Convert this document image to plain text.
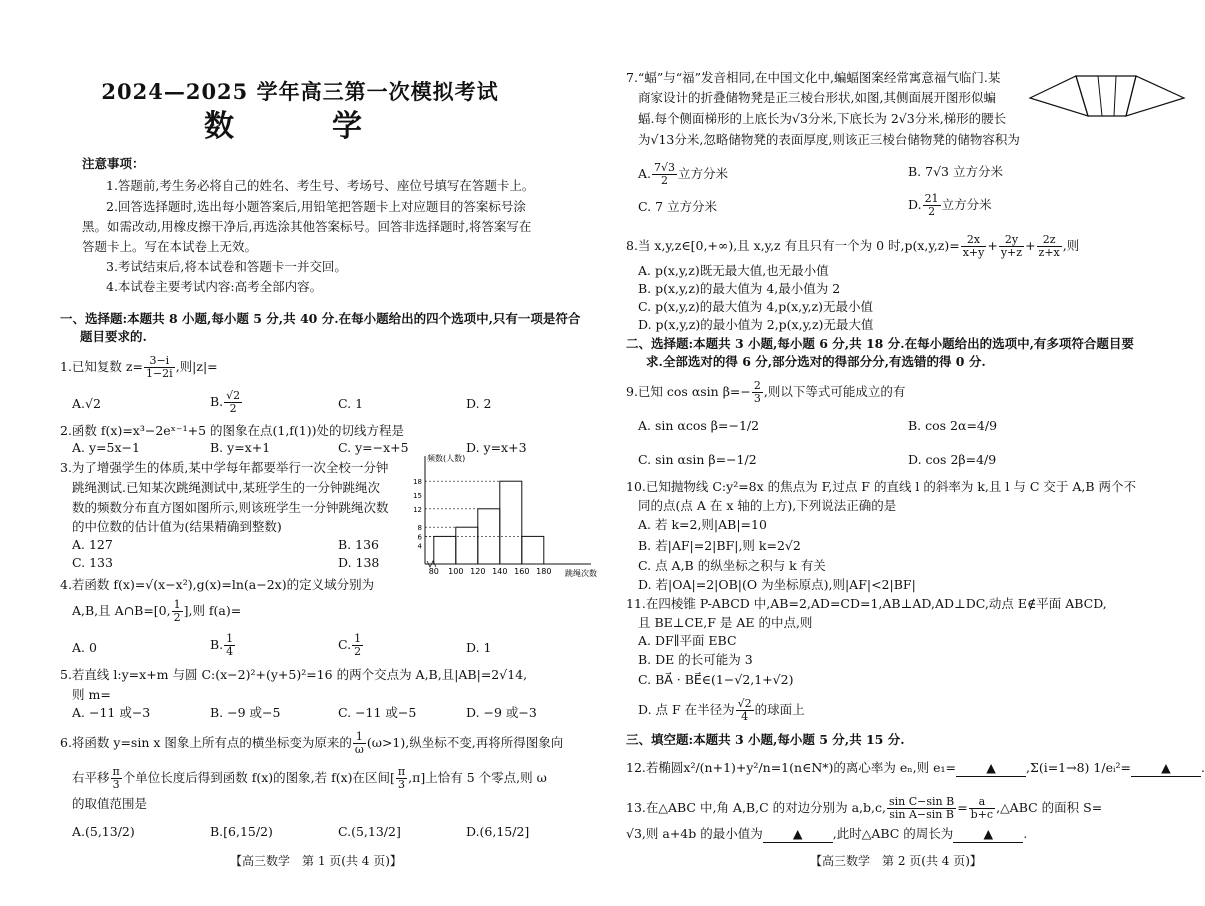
2024—2025 学年高三第一次模拟考试
数　学
注意事项：
1.答题前,考生务必将自己的姓名、考生号、考场号、座位号填写在答题卡上。
2.回答选择题时,选出每小题答案后,用铅笔把答题卡上对应题目的答案标号涂
黑。如需改动,用橡皮擦干净后,再选涂其他答案标号。回答非选择题时,将答案写在
答题卡上。写在本试卷上无效。
3.考试结束后,将本试卷和答题卡一并交回。
4.本试卷主要考试内容:高考全部内容。
一、选择题:本题共 8 小题,每小题 5 分,共 40 分.在每小题给出的四个选项中,只有一项是符合
题目要求的.
1.已知复数 $z= \frac{3-i}{1-2i}$ ,则|z|=
A.√2	B. $\frac{√2}{2}$	C. 1	D. 2
2.函数 f(x)=x³−2eˣ⁻¹+5 的图象在点(1,f(1))处的切线方程是
A. y=5x−1	B. y=x+1	C. y=−x+5	D. y=x+3
3.为了增强学生的体质,某中学每年都要举行一次全校一分钟
跳绳测试.已知某次跳绳测试中,某班学生的一分钟跳绳次
数的频数分布直方图如图所示,则该班学生一分钟跳绳次数
的中位数的估计值为(结果精确到整数)
A. 127	B. 136
C. 133	D. 138
80 100 120 140 160 180
4
6
8
12
15
18
频数(人数)
跳绳次数
4.若函数 f(x)=√(x−x²),g(x)=ln(a−2x)的定义域分别为
A,B,且 A∩B=[0, $\frac{1}{2}$ ],则 f(a)=
A. 0	B. $\frac{1}{4}$	C. $\frac{1}{2}$	D. 1
5.若直线 l:y=x+m 与圆 C:(x−2)²+(y+5)²=16 的两个交点为 A,B,且|AB|=2√14,
则 m=
A. −11 或−3	B. −9 或−5	C. −11 或−5	D. −9 或−3
6.将函数 y=sin x 图象上所有点的横坐标变为原来的 $\frac{1}{\omega} (\omega>1)$,纵坐标不变,再将所得图象向
右平移 $\frac{\pi}{3}$ 个单位长度后得到函数 f(x)的图象,若 f(x)在区间[ $\frac{\pi}{3} ,\pi$]上恰有 5 个零点,则 ω
的取值范围是
A.(5,13/2)	B.[6,15/2)	C.(5,13/2]	D.(6,15/2]
【高三数学　第 1 页(共 4 页)】
7.“蝠”与“福”发音相同,在中国文化中,蝙蝠图案经常寓意福气临门.某
商家设计的折叠储物凳是正三棱台形状,如图,其侧面展开图形似蝙
蝠.每个侧面梯形的上底长为√3分米,下底长为 2√3分米,梯形的腰长
为√13分米,忽略储物凳的表面厚度,则该正三棱台储物凳的储物容积为
A. $\frac{7√3}{2}$ 立方分米	B. 7√3 立方分米
C. 7 立方分米	D. $\frac{21}{2}$ 立方分米
8.当 x,y,z∈[0,+∞),且 x,y,z 有且只有一个为 0 时$,p(x,y,z)= \frac{2x}{x+y} + \frac{2y}{y+z} + \frac{2z}{z+x}$ ,则
A. p(x,y,z)既无最大值,也无最小值
B. p(x,y,z)的最大值为 4,最小值为 2
C. p(x,y,z)的最大值为 4,p(x,y,z)无最小值
D. p(x,y,z)的最小值为 2,p(x,y,z)无最大值
二、选择题:本题共 3 小题,每小题 6 分,共 18 分.在每小题给出的选项中,有多项符合题目要
求.全部选对的得 6 分,部分选对的得部分分,有选错的得 0 分.
9.已知 cos αsin $\beta=- \frac{2}{3}$ ,则以下等式可能成立的有
A. sin αcos β=−1/2	B. cos 2α=4/9
C. sin αsin β=−1/2	D. cos 2β=4/9
10.已知抛物线 C:y²=8x 的焦点为 F,过点 F 的直线 l 的斜率为 k,且 l 与 C 交于 A,B 两个不
同的点(点 A 在 x 轴的上方),下列说法正确的是
A. 若 k=2,则|AB|=10
B. 若|AF|=2|BF|,则 k=2√2
C. 点 A,B 的纵坐标之积与 k 有关
D. 若|OA|=2|OB|(O 为坐标原点),则|AF|<2|BF|
11.在四棱锥 P-ABCD 中,AB=2,AD=CD=1,AB⊥AD,AD⊥DC,动点 E∉平面 ABCD,
且 BE⊥CE,F 是 AE 的中点,则
A. DF∥平面 EBC
B. DE 的长可能为 3
C. BA⃗ · BE⃗∈(1−√2,1+√2)
D. 点 F 在半径为 $\frac{√2}{4}$ 的球面上
三、填空题:本题共 3 小题,每小题 5 分,共 15 分.
12.若椭圆x²/(n+1)+y²/n=1(n∈N*)的离心率为 eₙ,则 e₁= ▲ ,Σ(i=1→8) 1/eᵢ²= ▲ .
13.在△ABC 中,角 A,B,C 的对边分别为 a,b,c, $\frac{\text{sin C−sin B}}{\text{sin A−sin B}} = \frac{a}{b+c}$ ,△ABC 的面积 S=
√3,则 a+4b 的最小值为 ▲ ,此时△ABC 的周长为 ▲ .
【高三数学　第 2 页(共 4 页)】
